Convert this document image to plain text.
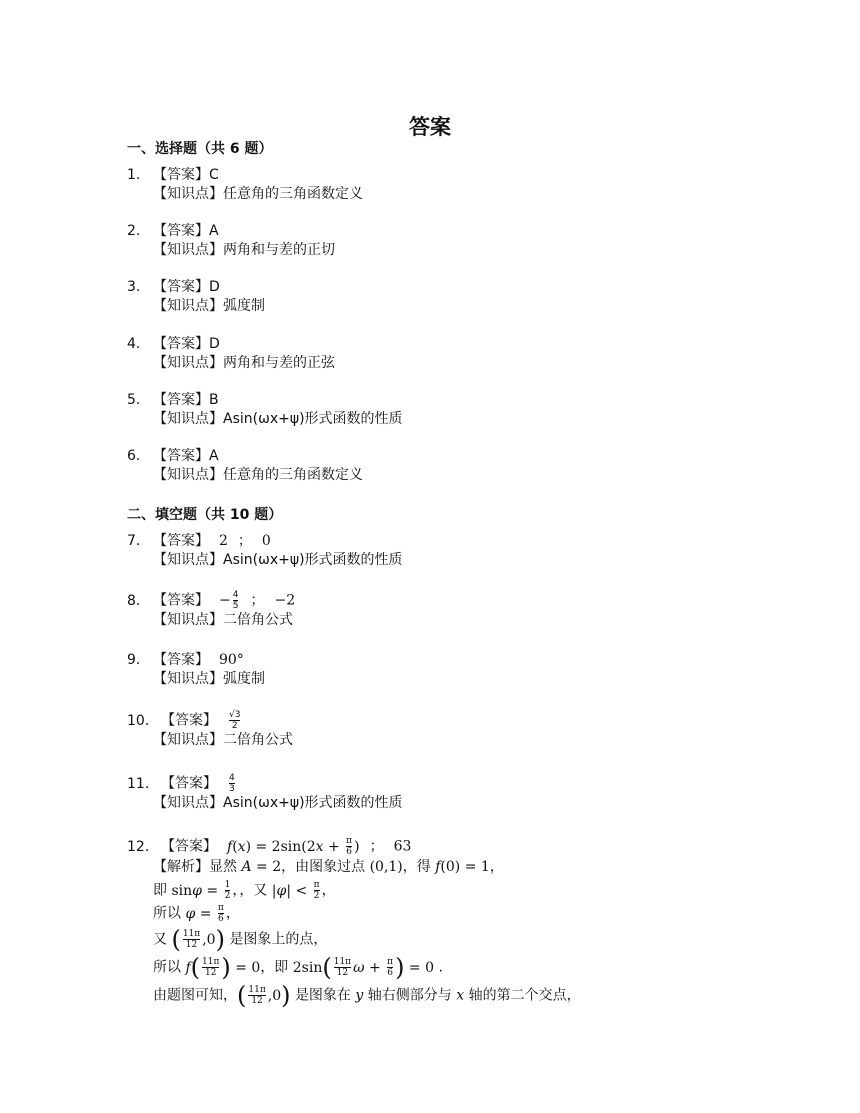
答案
一、选择题（共 6 题）
1. 【答案】C
【知识点】任意角的三角函数定义
2. 【答案】A
【知识点】两角和与差的正切
3. 【答案】D
【知识点】弧度制
4. 【答案】D
【知识点】两角和与差的正弦
5. 【答案】B
【知识点】Asin(ωx+ψ)形式函数的性质
6. 【答案】A
【知识点】任意角的三角函数定义
二、填空题（共 10 题）
7. 【答案】 2 ； 0
【知识点】Asin(ωx+ψ)形式函数的性质
8. 【答案】 − $\frac{4}{5}$ ； −2
【知识点】二倍角公式
9. 【答案】 90°
【知识点】弧度制
10. 【答案】 $\frac{√3}{2}$
【知识点】二倍角公式
11. 【答案】 $\frac{4}{3}$
【知识点】Asin(ωx+ψ)形式函数的性质
12. 【答案】 $f(x) = 2\sin(2x + \frac{\pi}{6}$ ) ； 63
【解析】显然 A = 2，由图象过点 (0,1)，得 f(0) = 1，
即 $\sin\varphi = \frac{1}{2}$ ，，又 $|\varphi| < \frac{\pi}{2}$ ，
所以 $\varphi = \frac{\pi}{6}$ ，
又 ( $\frac{11\pi}{12} ,0$) 是图象上的点，
所以 $f( \frac{11\pi}{12}$ ) = 0，即 $2\sin( \frac{11\pi}{12}$ $\omega + \frac{\pi}{6}$ ) = 0 .
由题图可知，( $\frac{11\pi}{12} ,0$) 是图象在 y 轴右侧部分与 x 轴的第二个交点，
